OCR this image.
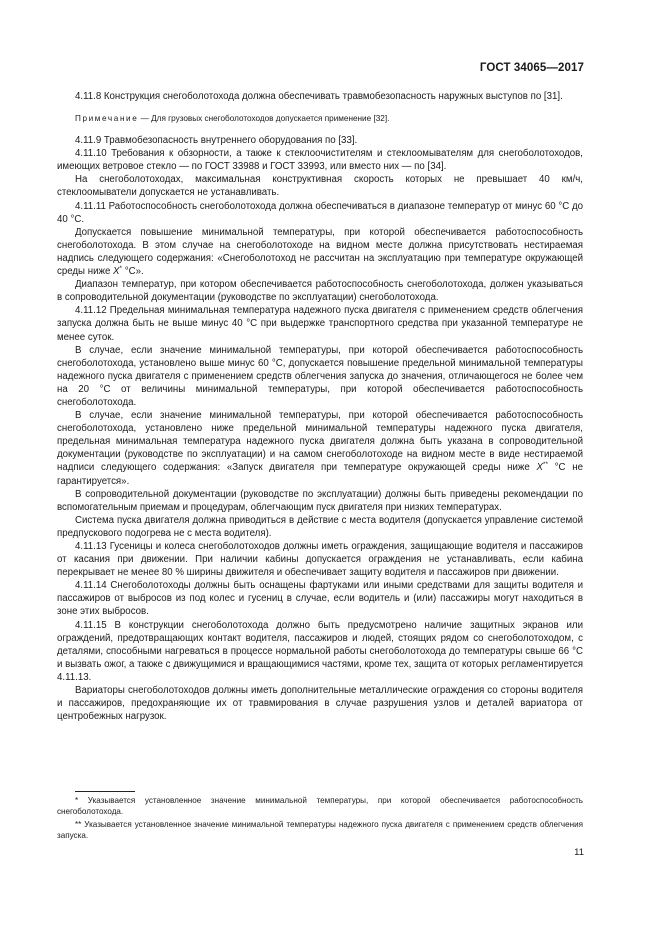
ГОСТ 34065—2017

4.11.8 Конструкция снегоболотохода должна обеспечивать травмобезопасность наружных выступов по [31].

Примечание — Для грузовых снегоболотоходов допускается применение [32].

4.11.9 Травмобезопасность внутреннего оборудования по [33].

4.11.10 Требования к обзорности, а также к стеклоочистителям и стеклоомывателям для снегоболотоходов, имеющих ветровое стекло — по ГОСТ 33988 и ГОСТ 33993, или вместо них — по [34].

На снегоболотоходах, максимальная конструктивная скорость которых не превышает 40 км/ч, стеклоомыватели допускается не устанавливать.

4.11.11 Работоспособность снегоболотохода должна обеспечиваться в диапазоне температур от минус 60 °С до 40 °С.

Допускается повышение минимальной температуры, при которой обеспечивается работоспособность снегоболотохода. В этом случае на снегоболотоходе на видном месте должна присутствовать нестираемая надпись следующего содержания: «Снегоболотоход не рассчитан на эксплуатацию при температуре окружающей среды ниже Х* °С».

Диапазон температур, при котором обеспечивается работоспособность снегоболотохода, должен указываться в сопроводительной документации (руководстве по эксплуатации) снегоболотохода.

4.11.12 Предельная минимальная температура надежного пуска двигателя с применением средств облегчения запуска должна быть не выше минус 40 °С при выдержке транспортного средства при указанной температуре не менее суток.

В случае, если значение минимальной температуры, при которой обеспечивается работоспособность снегоболотохода, установлено выше минус 60 °С, допускается повышение предельной минимальной температуры надежного пуска двигателя с применением средств облегчения запуска до значения, отличающегося не более чем на 20 °С от величины минимальной температуры, при которой обеспечивается работоспособность снегоболотохода.

В случае, если значение минимальной температуры, при которой обеспечивается работоспособность снегоболотохода, установлено ниже предельной минимальной температуры надежного пуска двигателя, предельная минимальная температура надежного пуска двигателя должна быть указана в сопроводительной документации (руководстве по эксплуатации) и на самом снегоболотоходе на видном месте в виде нестираемой надписи следующего содержания: «Запуск двигателя при температуре окружающей среды ниже Х** °С не гарантируется».

В сопроводительной документации (руководстве по эксплуатации) должны быть приведены рекомендации по вспомогательным приемам и процедурам, облегчающим пуск двигателя при низких температурах.

Система пуска двигателя должна приводиться в действие с места водителя (допускается управление системой предпускового подогрева не с места водителя).

4.11.13 Гусеницы и колеса снегоболотоходов должны иметь ограждения, защищающие водителя и пассажиров от касания при движении. При наличии кабины допускается ограждения не устанавливать, если кабина перекрывает не менее 80 % ширины движителя и обеспечивает защиту водителя и пассажиров при движении.

4.11.14 Снегоболотоходы должны быть оснащены фартуками или иными средствами для защиты водителя и пассажиров от выбросов из под колес и гусениц в случае, если водитель и (или) пассажиры могут находиться в зоне этих выбросов.

4.11.15 В конструкции снегоболотохода должно быть предусмотрено наличие защитных экранов или ограждений, предотвращающих контакт водителя, пассажиров и людей, стоящих рядом со снегоболотоходом, с деталями, способными нагреваться в процессе нормальной работы снегоболотохода до температуры свыше 66 °С и вызвать ожог, а также с движущимися и вращающимися частями, кроме тех, защита от которых регламентируется 4.11.13.

Вариаторы снегоболотоходов должны иметь дополнительные металлические ограждения со стороны водителя и пассажиров, предохраняющие их от травмирования в случае разрушения узлов и деталей вариатора от центробежных нагрузок.

* Указывается установленное значение минимальной температуры, при которой обеспечивается работоспособность снегоболотохода.

** Указывается установленное значение минимальной температуры надежного пуска двигателя с применением средств облегчения запуска.

11
